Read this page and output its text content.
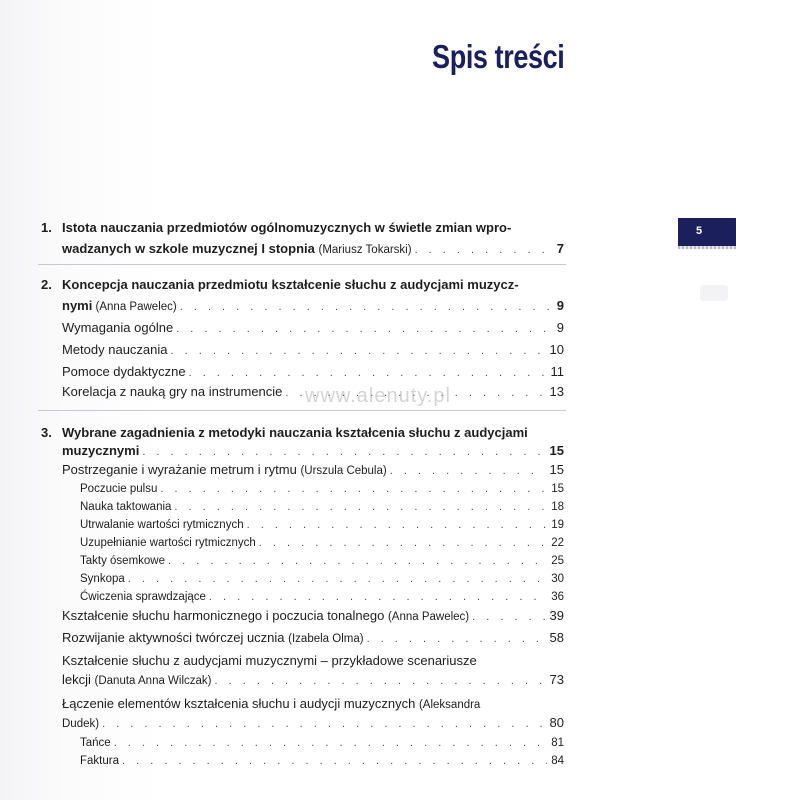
Spis treści
5
1. Istota nauczania przedmiotów ogólnomuzycznych w świetle zmian wpro-
wadzanych w szkole muzycznej I stopnia (Mariusz Tokarski) . . .	7
2. Koncepcja nauczania przedmiotu kształcenie słuchu z audycjami muzycz-
nymi (Anna Pawelec) . . .	9
Wymagania ogólne . . .	9
Metody nauczania . . .	10
Pomoce dydaktyczne . . .	11
Korelacja z nauką gry na instrumencie . . .	13
3. Wybrane zagadnienia z metodyki nauczania kształcenia słuchu z audycjami
muzycznymi . . .	15
Postrzeganie i wyrażanie metrum i rytmu (Urszula Cebula) . . .	15
Poczucie pulsu . . .	15
Nauka taktowania . . .	18
Utrwalanie wartości rytmicznych . . .	19
Uzupełnianie wartości rytmicznych . . .	22
Takty ósemkowe . . .	25
Synkopa . . .	30
Ćwiczenia sprawdzające . . .	36
Kształcenie słuchu harmonicznego i poczucia tonalnego (Anna Pawelec) . . .	39
Rozwijanie aktywności twórczej ucznia (Izabela Olma) . . .	58
Kształcenie słuchu z audycjami muzycznymi – przykładowe scenariusze
lekcji (Danuta Anna Wilczak) . . .	73
Łączenie elementów kształcenia słuchu i audycji muzycznych (Aleksandra
Dudek) . . .	80
Tańce . . .	81
Faktura . . .	84
www.alenuty.pl
